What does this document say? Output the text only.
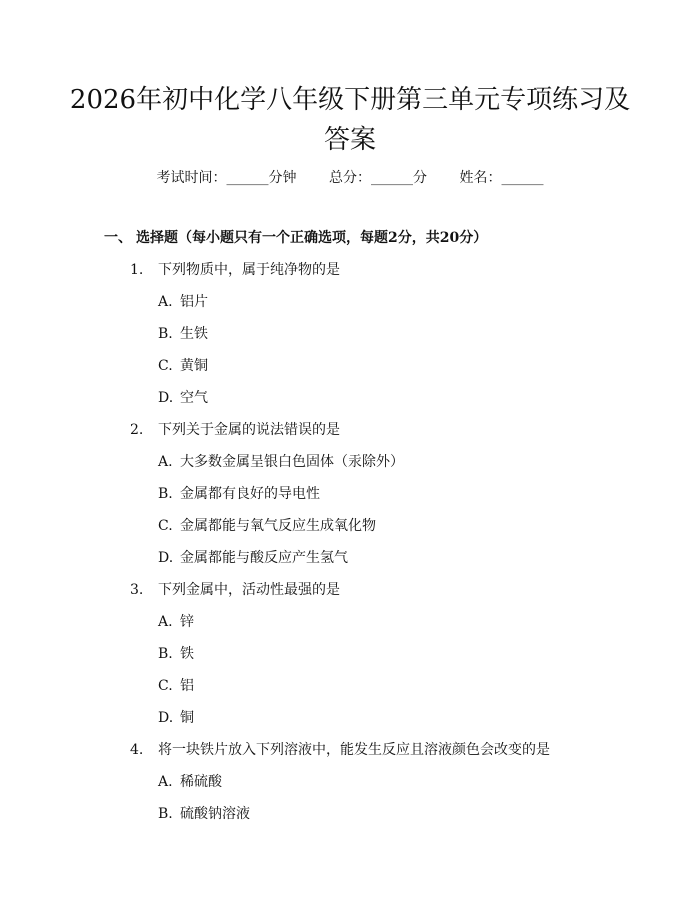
2026年初中化学八年级下册第三单元专项练习及答案
考试时间：______分钟 总分：______分 姓名：______
一、 选择题（每小题只有一个正确选项，每题2分，共20分）
1. 下列物质中，属于纯净物的是
A. 铝片
B. 生铁
C. 黄铜
D. 空气
2. 下列关于金属的说法错误的是
A. 大多数金属呈银白色固体（汞除外）
B. 金属都有良好的导电性
C. 金属都能与氧气反应生成氧化物
D. 金属都能与酸反应产生氢气
3. 下列金属中，活动性最强的是
A. 锌
B. 铁
C. 铝
D. 铜
4. 将一块铁片放入下列溶液中，能发生反应且溶液颜色会改变的是
A. 稀硫酸
B. 硫酸钠溶液
